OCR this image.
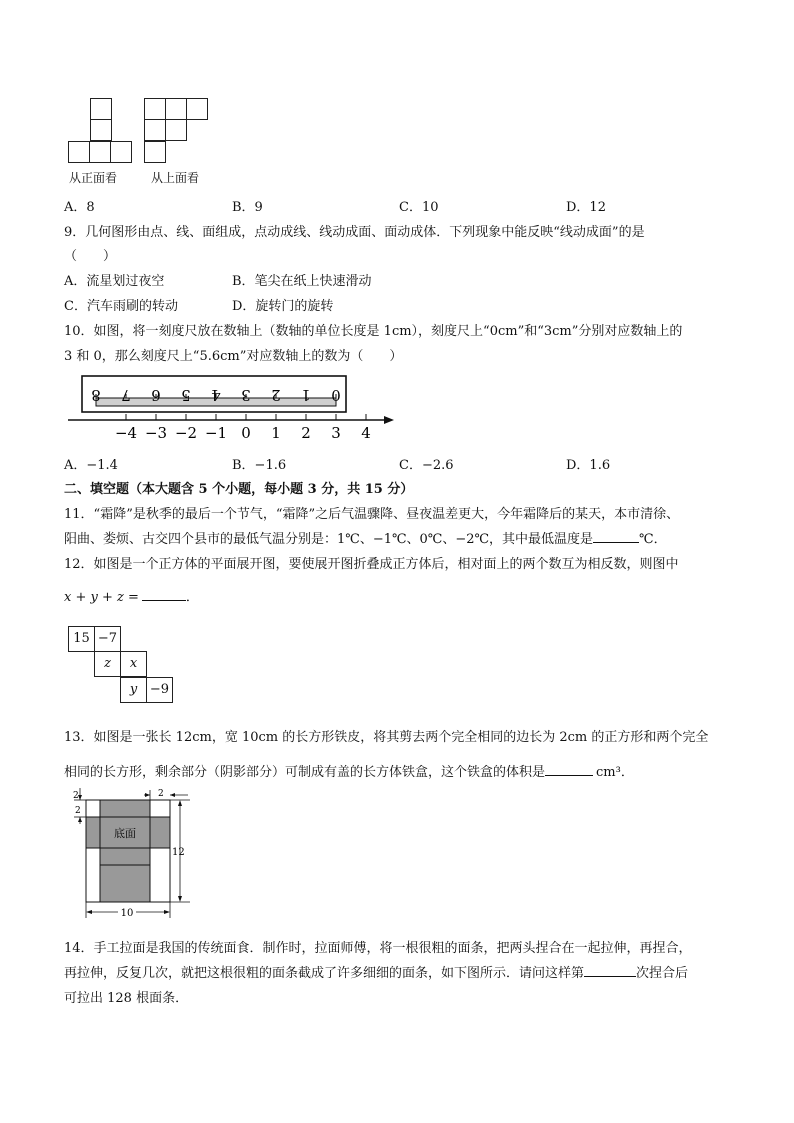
从正面看	从上面看
A．8	B．9	C．10	D．12
9．几何图形由点、线、面组成，点动成线、线动成面、面动成体．下列现象中能反映“线动成面”的是
（　　）
A．流星划过夜空	B．笔尖在纸上快速滑动
C．汽车雨刷的转动	D．旋转门的旋转
10．如图，将一刻度尺放在数轴上（数轴的单位长度是 1cm），刻度尺上“0cm”和“3cm”分别对应数轴上的
3 和 0，那么刻度尺上“5.6cm”对应数轴上的数为（　　）
8 7 6 5 4 3 2 1 0
−4 −3 −2 −1 0 1 2 3 4
A．−1.4	B．−1.6	C．−2.6	D．1.6
二、填空题（本大题含 5 个小题，每小题 3 分，共 15 分）
11．“霜降”是秋季的最后一个节气，“霜降”之后气温骤降、昼夜温差更大，今年霜降后的某天，本市清徐、
阳曲、娄烦、古交四个县市的最低气温分别是：1℃、−1℃、0℃、−2℃，其中最低温度是	℃．
12．如图是一个正方体的平面展开图，要使展开图折叠成正方体后，相对面上的两个数互为相反数，则图中
x + y + z =	．
15 −7
z	x
y −9
13．如图是一张长 12cm，宽 10cm 的长方形铁皮，将其剪去两个完全相同的边长为 2cm 的正方形和两个完全
相同的长方形，剩余部分（阴影部分）可制成有盖的长方体铁盒，这个铁盒的体积是	cm³．
底面
2
2
2
12
10
14．手工拉面是我国的传统面食．制作时，拉面师傅，将一根很粗的面条，把两头捏合在一起拉伸，再捏合，
再拉伸，反复几次，就把这根很粗的面条截成了许多细细的面条，如下图所示．请问这样第	次捏合后
可拉出 128 根面条．
